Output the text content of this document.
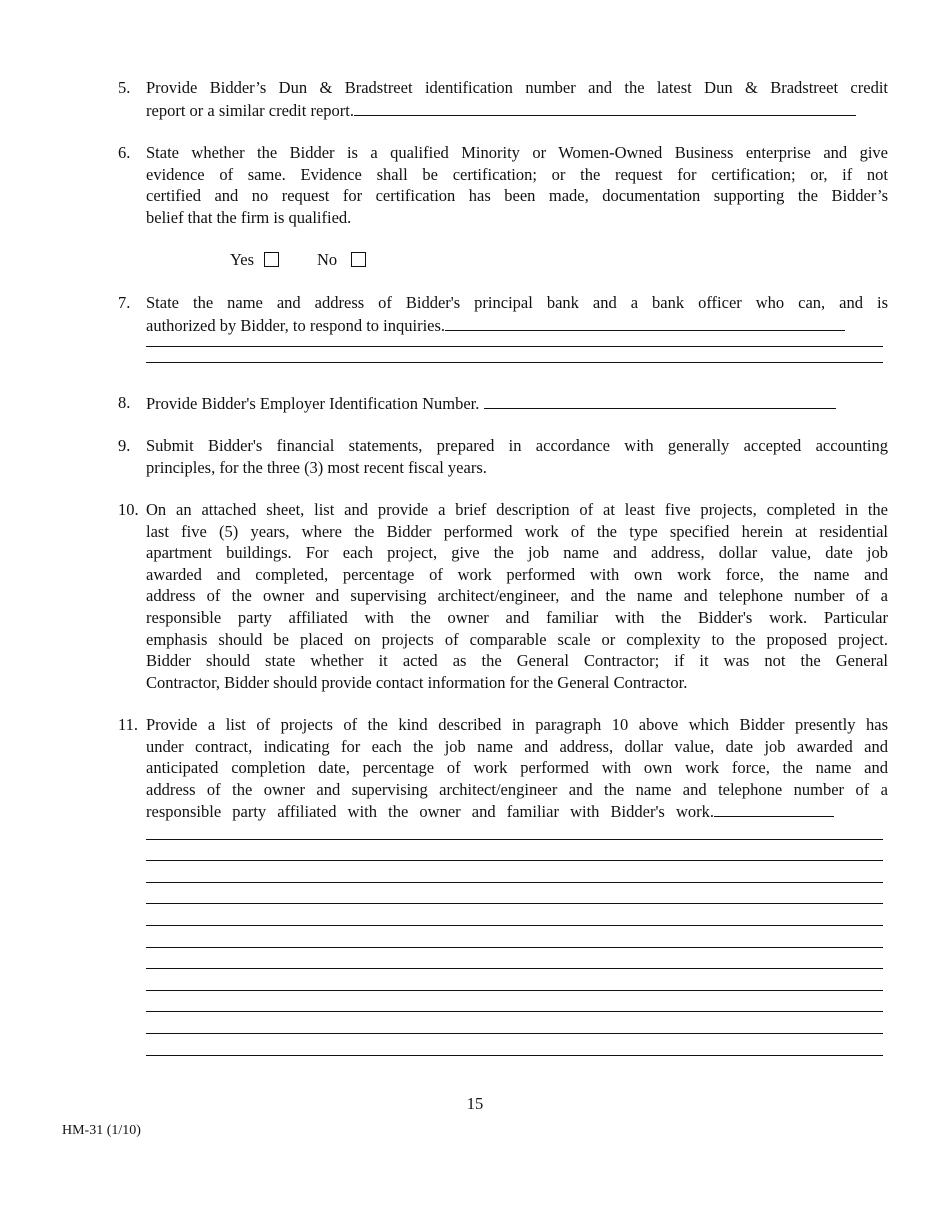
5. Provide Bidder’s Dun & Bradstreet identification number and the latest Dun & Bradstreet credit
report or a similar credit report.
6. State whether the Bidder is a qualified Minority or Women-Owned Business enterprise and give
evidence of same. Evidence shall be certification; or the request for certification; or, if not
certified and no request for certification has been made, documentation supporting the Bidder’s
belief that the firm is qualified.
Yes	No
7. State the name and address of Bidder's principal bank and a bank officer who can, and is
authorized by Bidder, to respond to inquiries.
8. Provide Bidder's Employer Identification Number.
9. Submit Bidder's financial statements, prepared in accordance with generally accepted accounting
principles, for the three (3) most recent fiscal years.
10. On an attached sheet, list and provide a brief description of at least five projects, completed in the
last five (5) years, where the Bidder performed work of the type specified herein at residential
apartment buildings. For each project, give the job name and address, dollar value, date job
awarded and completed, percentage of work performed with own work force, the name and
address of the owner and supervising architect/engineer, and the name and telephone number of a
responsible party affiliated with the owner and familiar with the Bidder's work. Particular
emphasis should be placed on projects of comparable scale or complexity to the proposed project.
Bidder should state whether it acted as the General Contractor; if it was not the General
Contractor, Bidder should provide contact information for the General Contractor.
11. Provide a list of projects of the kind described in paragraph 10 above which Bidder presently has
under contract, indicating for each the job name and address, dollar value, date job awarded and
anticipated completion date, percentage of work performed with own work force, the name and
address of the owner and supervising architect/engineer and the name and telephone number of a
responsible party affiliated with the owner and familiar with Bidder's work.
15
HM-31 (1/10)
